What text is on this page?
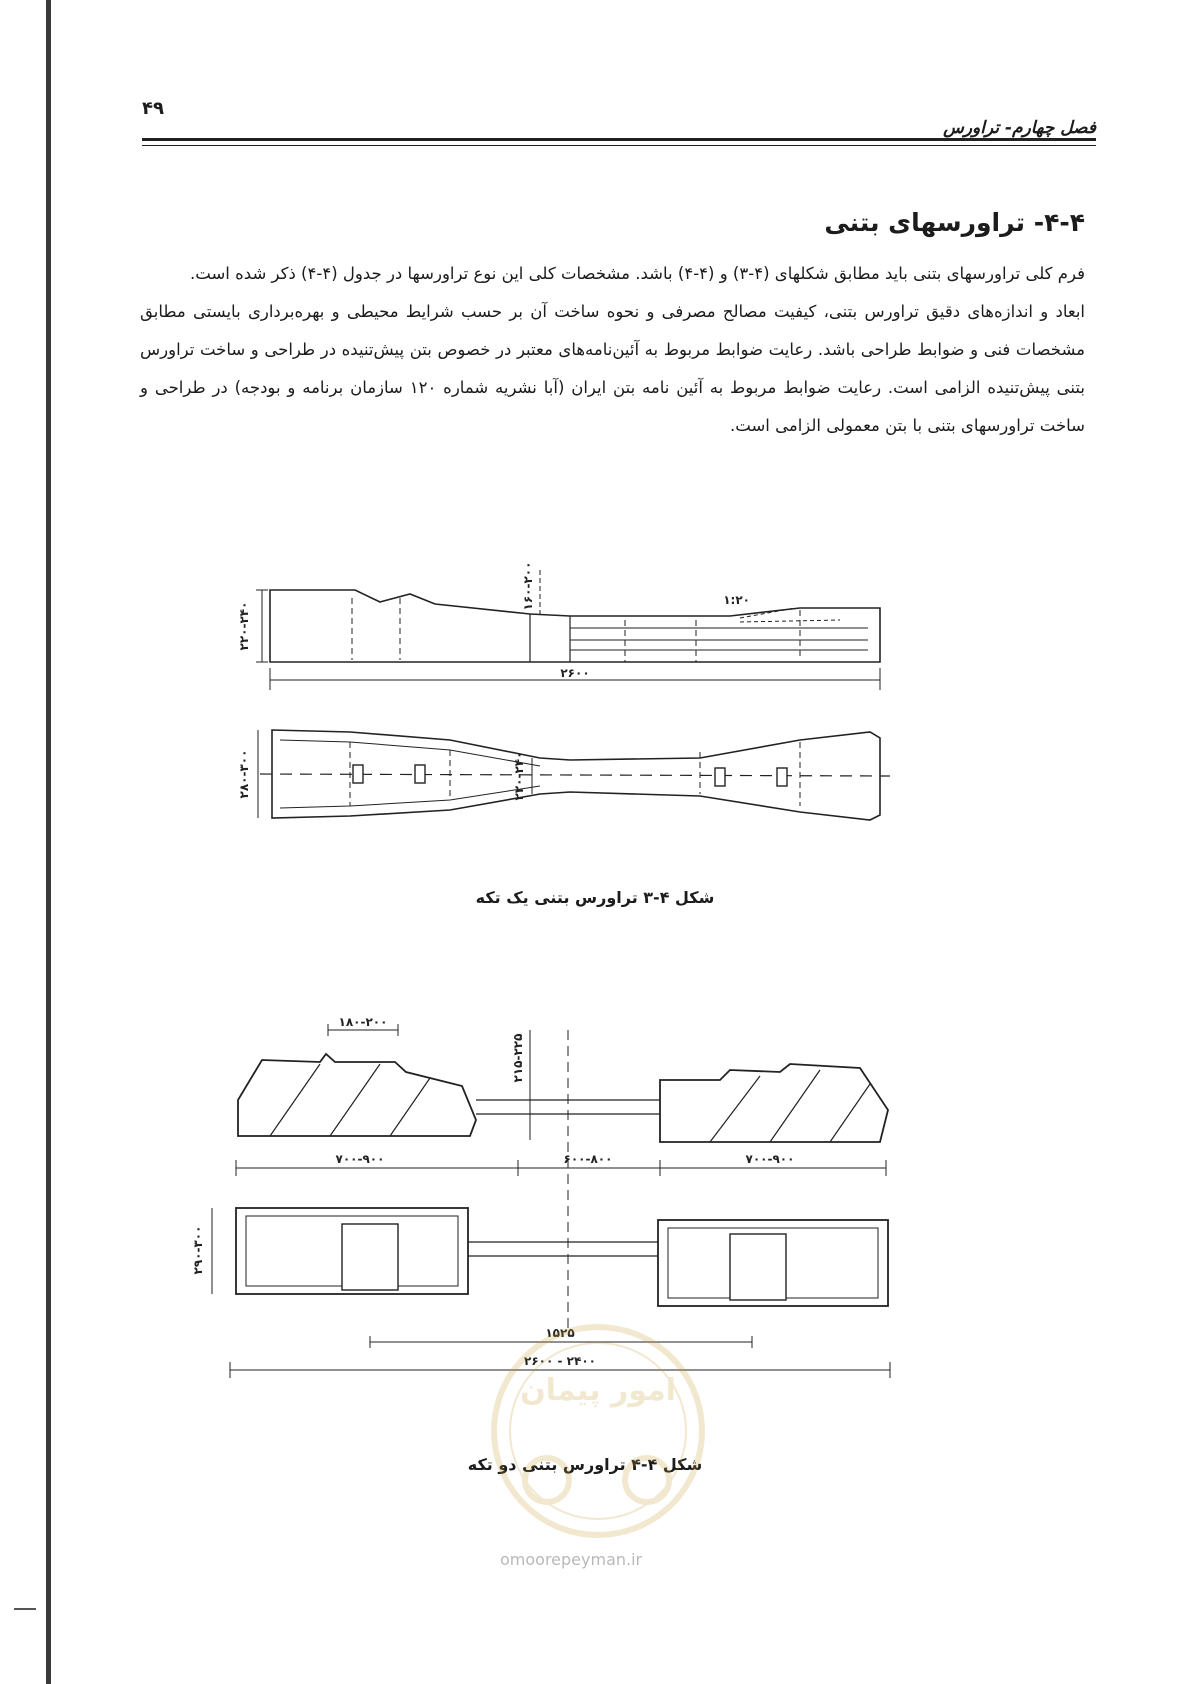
۴۹
فصل چهارم- تراورس
۴-۴- تراورسهای بتنی

فرم کلی تراورسهای بتنی باید مطابق شکلهای (۴-۳) و (۴-۴) باشد. مشخصات کلی این نوع تراورسها در جدول (۴-۴) ذکر شده است.

ابعاد و اندازه‌های دقیق تراورس بتنی، کیفیت مصالح مصرفی و نحوه ساخت آن بر حسب شرایط محیطی و بهره‌برداری بایستی مطابق مشخصات فنی و ضوابط طراحی باشد. رعایت ضوابط مربوط به آئین‌نامه‌های معتبر در خصوص بتن پیش‌تنیده در طراحی و ساخت تراورس بتنی پیش‌تنیده الزامی است. رعایت ضوابط مربوط به آئین نامه بتن ایران (آبا نشریه شماره ۱۲۰ سازمان برنامه و بودجه) در طراحی و ساخت تراورسهای بتنی با بتن معمولی الزامی است.

۲۲۰-۲۴۰
۱۶۰-۲۰۰	۱:۲۰
۲۶۰۰
۲۸۰-۳۰۰	۲۲۰-۲۴۰
شکل ۴-۳ تراورس بتنی یک تکه
۱۸۰-۲۰۰
۲۱۵-۲۲۵
۷۰۰-۹۰۰	۶۰۰-۸۰۰	۷۰۰-۹۰۰
۲۹۰-۳۰۰
۱۵۲۵
۲۴۰۰ - ۲۶۰۰
شکل ۴-۴ تراورس بتنی دو تکه
امور پیمان
omoorepeyman.ir
